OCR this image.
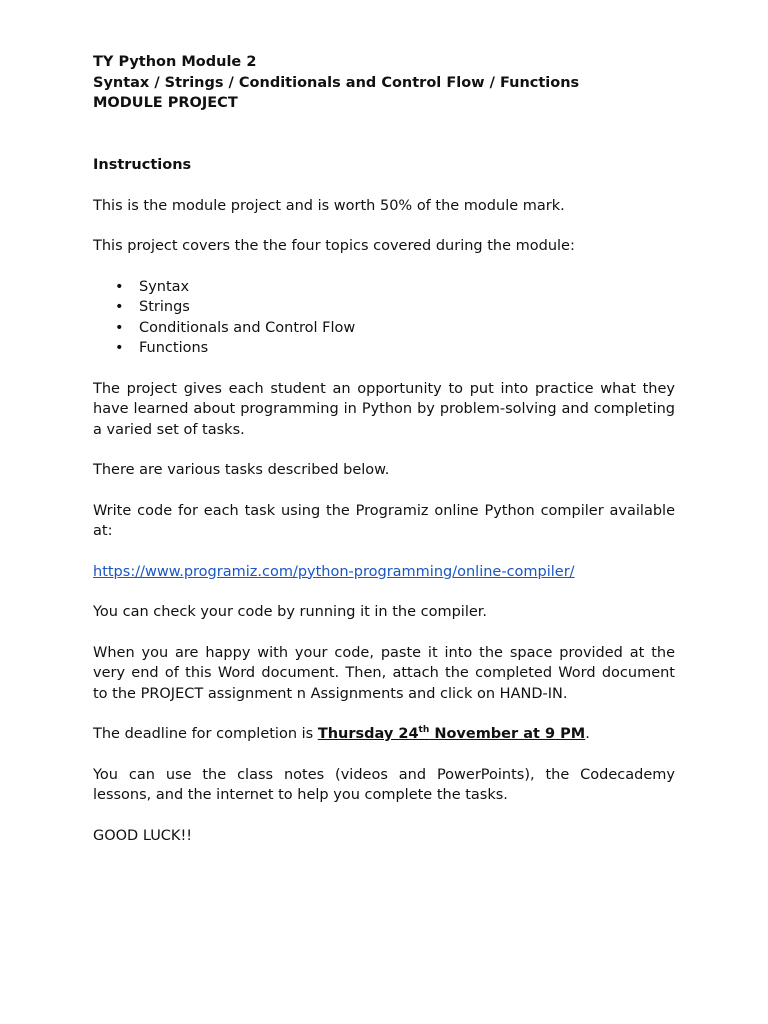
TY Python Module 2
Syntax / Strings / Conditionals and Control Flow / Functions
MODULE PROJECT

Instructions

This is the module project and is worth 50% of the module mark.

This project covers the the four topics covered during the module:

• Syntax
• Strings
• Conditionals and Control Flow
• Functions

The project gives each student an opportunity to put into practice what they have learned about programming in Python by problem-solving and completing a varied set of tasks.

There are various tasks described below.

Write code for each task using the Programiz online Python compiler available at:

https://www.programiz.com/python-programming/online-compiler/

You can check your code by running it in the compiler.

When you are happy with your code, paste it into the space provided at the very end of this Word document. Then, attach the completed Word document to the PROJECT assignment n Assignments and click on HAND-IN.

The deadline for completion is Thursday 24th November at 9 PM.

You can use the class notes (videos and PowerPoints), the Codecademy lessons, and the internet to help you complete the tasks.

GOOD LUCK!!
